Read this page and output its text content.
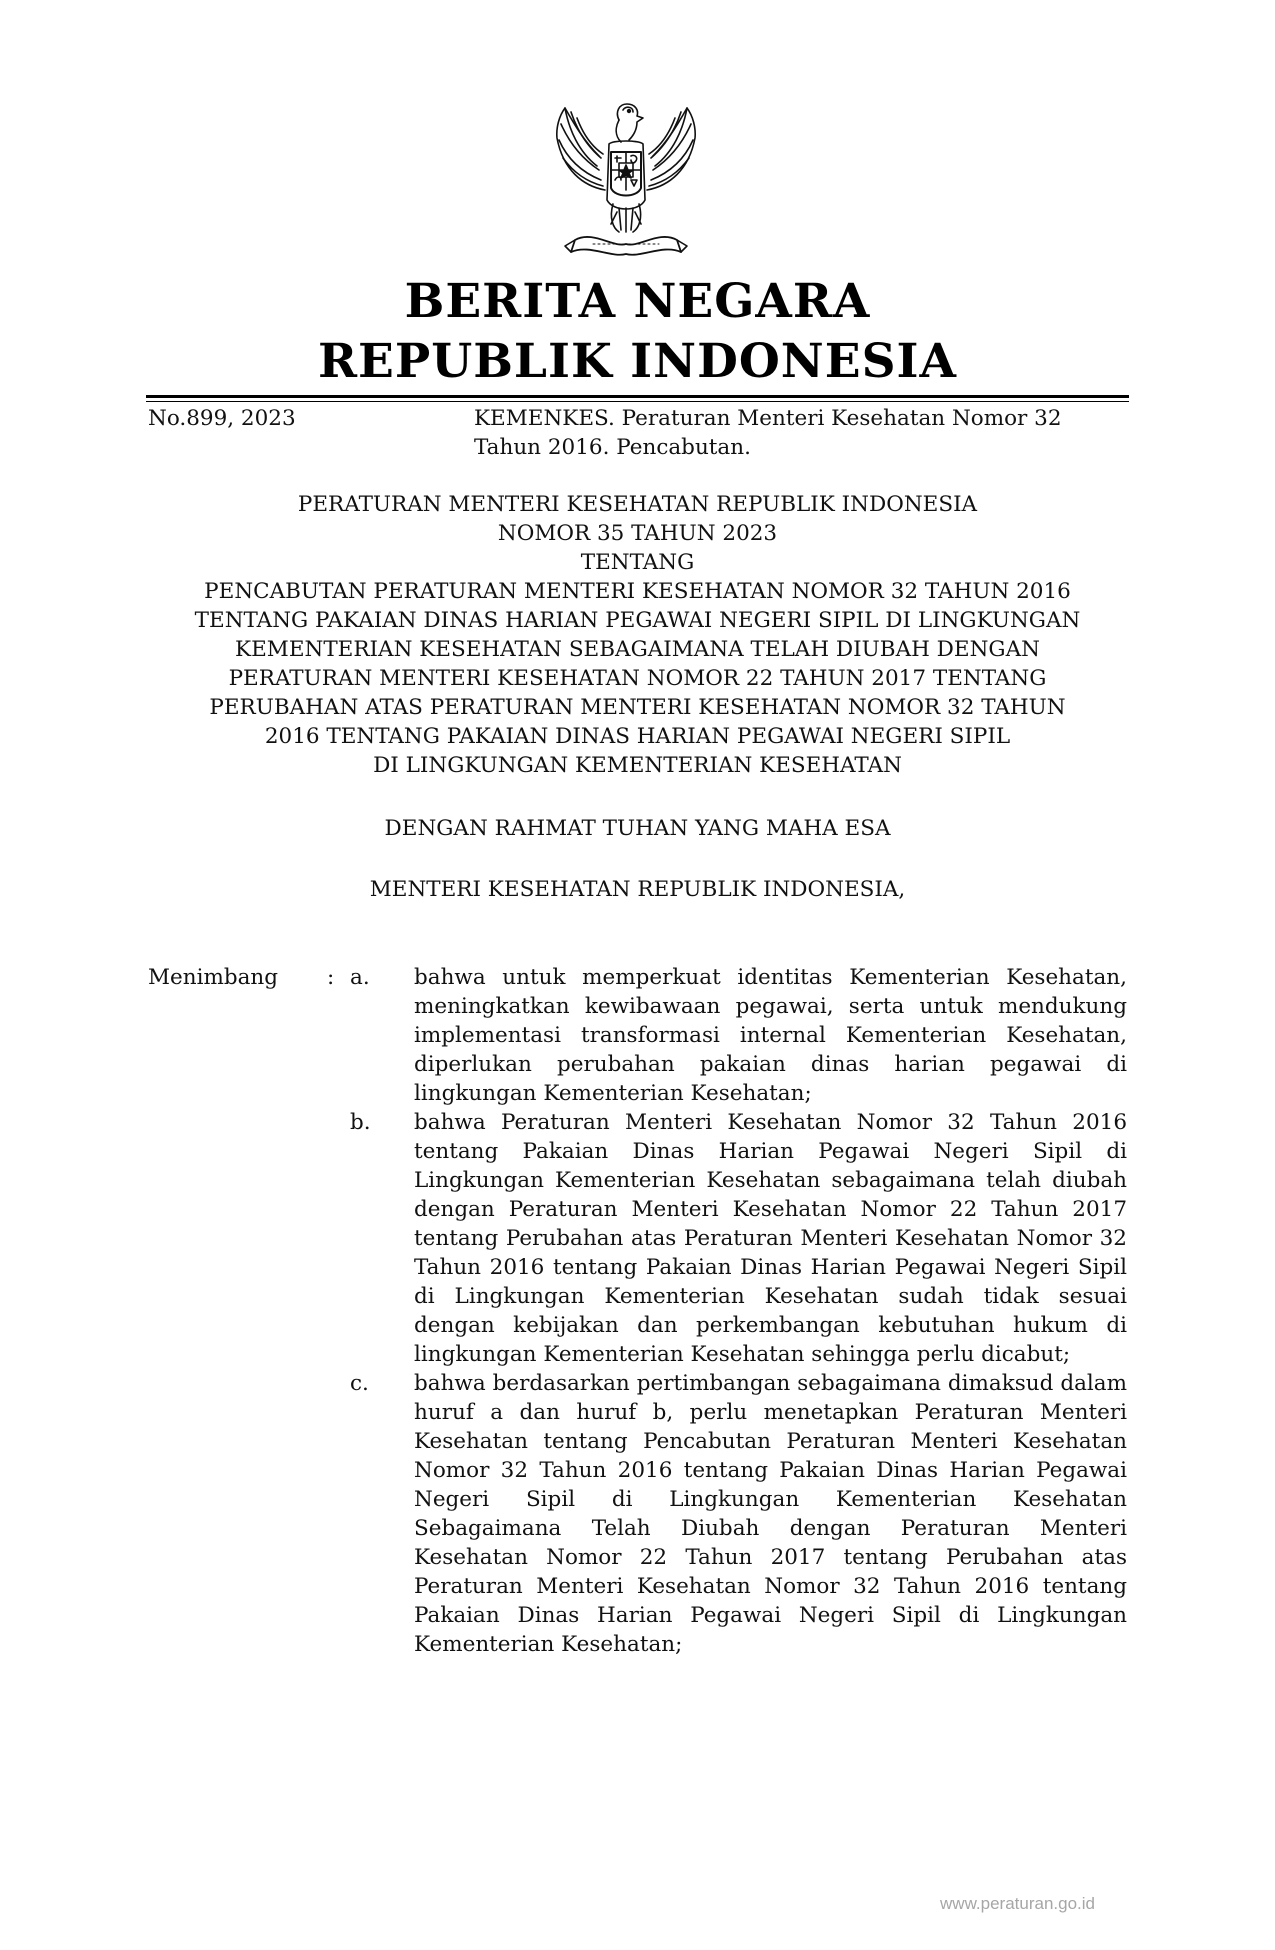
BERITA NEGARA
REPUBLIK INDONESIA
No.899, 2023	KEMENKES. Peraturan Menteri Kesehatan Nomor 32 Tahun 2016. Pencabutan.
PERATURAN MENTERI KESEHATAN REPUBLIK INDONESIA
NOMOR 35 TAHUN 2023
TENTANG
PENCABUTAN PERATURAN MENTERI KESEHATAN NOMOR 32 TAHUN 2016
TENTANG PAKAIAN DINAS HARIAN PEGAWAI NEGERI SIPIL DI LINGKUNGAN
KEMENTERIAN KESEHATAN SEBAGAIMANA TELAH DIUBAH DENGAN
PERATURAN MENTERI KESEHATAN NOMOR 22 TAHUN 2017 TENTANG
PERUBAHAN ATAS PERATURAN MENTERI KESEHATAN NOMOR 32 TAHUN
2016 TENTANG PAKAIAN DINAS HARIAN PEGAWAI NEGERI SIPIL
DI LINGKUNGAN KEMENTERIAN KESEHATAN
DENGAN RAHMAT TUHAN YANG MAHA ESA
MENTERI KESEHATAN REPUBLIK INDONESIA,
Menimbang : a.	bahwa untuk memperkuat identitas Kementerian Kesehatan, meningkatkan kewibawaan pegawai, serta untuk mendukung implementasi transformasi internal Kementerian Kesehatan, diperlukan perubahan pakaian dinas harian pegawai di lingkungan Kementerian Kesehatan;
b.	bahwa Peraturan Menteri Kesehatan Nomor 32 Tahun 2016 tentang Pakaian Dinas Harian Pegawai Negeri Sipil di Lingkungan Kementerian Kesehatan sebagaimana telah diubah dengan Peraturan Menteri Kesehatan Nomor 22 Tahun 2017 tentang Perubahan atas Peraturan Menteri Kesehatan Nomor 32 Tahun 2016 tentang Pakaian Dinas Harian Pegawai Negeri Sipil di Lingkungan Kementerian Kesehatan sudah tidak sesuai dengan kebijakan dan perkembangan kebutuhan hukum di lingkungan Kementerian Kesehatan sehingga perlu dicabut;
c.	bahwa berdasarkan pertimbangan sebagaimana dimaksud dalam huruf a dan huruf b, perlu menetapkan Peraturan Menteri Kesehatan tentang Pencabutan Peraturan Menteri Kesehatan Nomor 32 Tahun 2016 tentang Pakaian Dinas Harian Pegawai Negeri Sipil di Lingkungan Kementerian Kesehatan Sebagaimana Telah Diubah dengan Peraturan Menteri Kesehatan Nomor 22 Tahun 2017 tentang Perubahan atas Peraturan Menteri Kesehatan Nomor 32 Tahun 2016 tentang Pakaian Dinas Harian Pegawai Negeri Sipil di Lingkungan Kementerian Kesehatan;
www.peraturan.go.id
